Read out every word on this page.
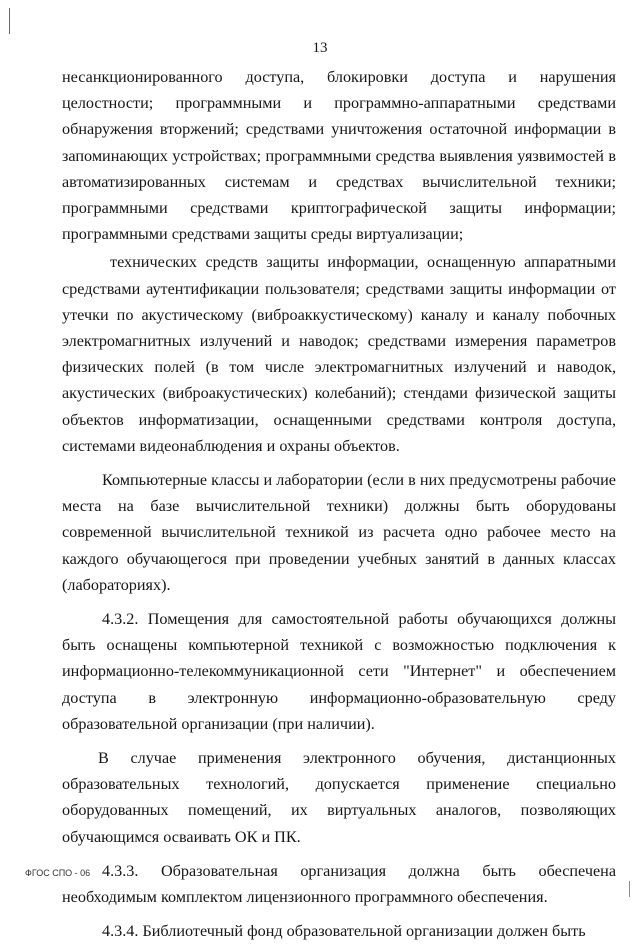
13

несанкционированного доступа, блокировки доступа и нарушения целостности; программными и программно-аппаратными средствами обнаружения вторжений; средствами уничтожения остаточной информации в запоминающих устройствах; программными средства выявления уязвимостей в автоматизированных системам и средствах вычислительной техники; программными средствами криптографической защиты информации; программными средствами защиты среды виртуализации;

технических средств защиты информации, оснащенную аппаратными средствами аутентификации пользователя; средствами защиты информации от утечки по акустическому (виброаккустическому) каналу и каналу побочных электромагнитных излучений и наводок; средствами измерения параметров физических полей (в том числе электромагнитных излучений и наводок, акустических (виброакустических) колебаний); стендами физической защиты объектов информатизации, оснащенными средствами контроля доступа, системами видеонаблюдения и охраны объектов.

Компьютерные классы и лаборатории (если в них предусмотрены рабочие места на базе вычислительной техники) должны быть оборудованы современной вычислительной техникой из расчета одно рабочее место на каждого обучающегося при проведении учебных занятий в данных классах (лабораториях).

4.3.2. Помещения для самостоятельной работы обучающихся должны быть оснащены компьютерной техникой с возможностью подключения к информационно-телекоммуникационной сети "Интернет" и обеспечением доступа в электронную информационно-образовательную среду образовательной организации (при наличии).

В случае применения электронного обучения, дистанционных образовательных технологий, допускается применение специально оборудованных помещений, их виртуальных аналогов, позволяющих обучающимся осваивать ОК и ПК.

4.3.3. Образовательная организация должна быть обеспечена необходимым комплектом лицензионного программного обеспечения.

4.3.4. Библиотечный фонд образовательной организации должен быть

ФГОС СПО - 06
